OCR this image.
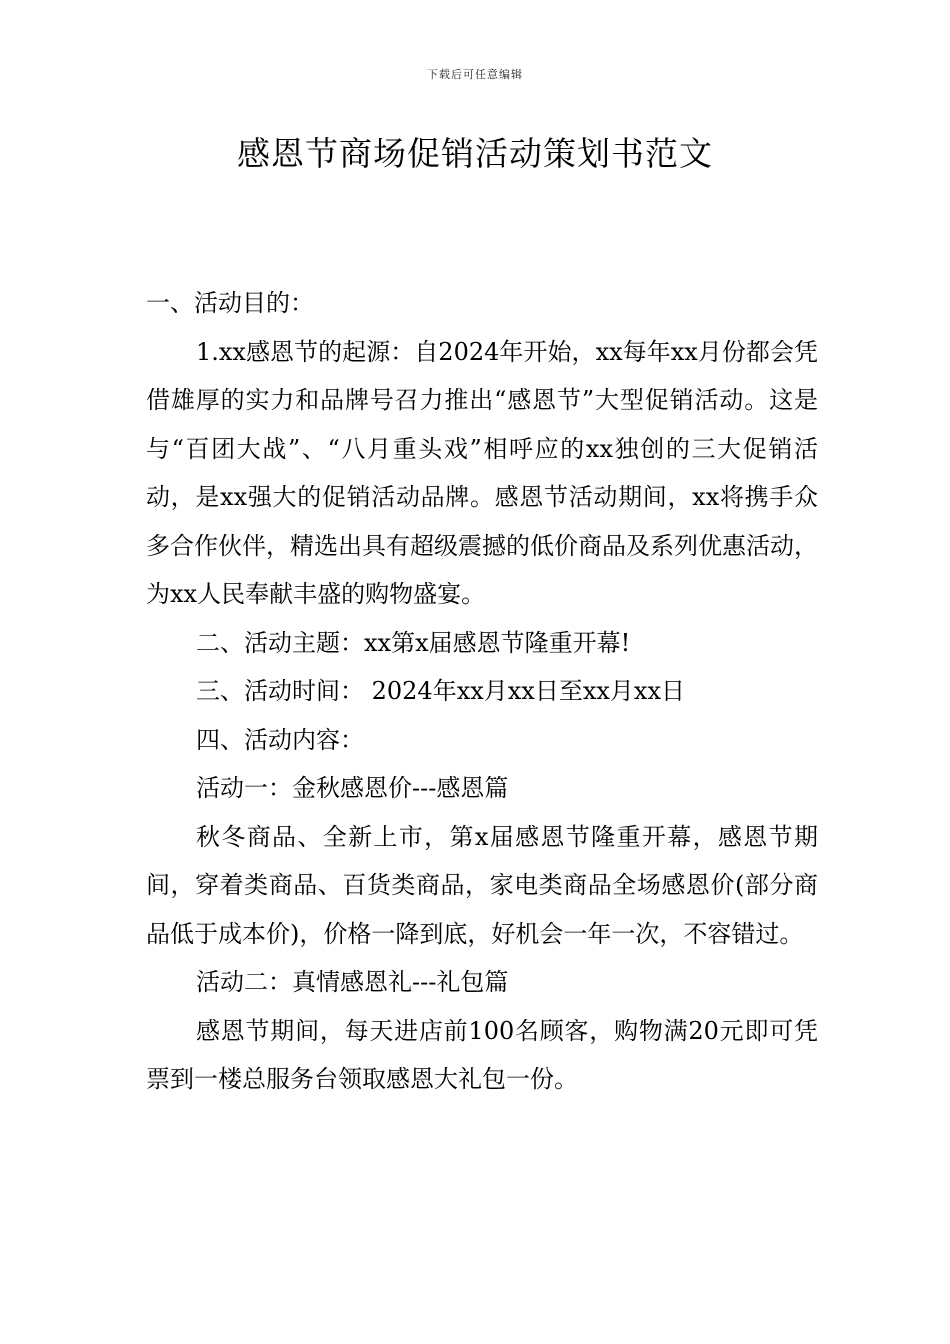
下载后可任意编辑
感恩节商场促销活动策划书范文

一、活动目的：

1.xx感恩节的起源：自2024年开始，xx每年xx月份都会凭借雄厚的实力和品牌号召力推出“感恩节”大型促销活动。这是与“百团大战”、“八月重头戏”相呼应的xx独创的三大促销活动，是xx强大的促销活动品牌。感恩节活动期间，xx将携手众多合作伙伴，精选出具有超级震撼的低价商品及系列优惠活动，为xx人民奉献丰盛的购物盛宴。

二、活动主题：xx第x届感恩节隆重开幕!

三、活动时间： 2024年xx月xx日至xx月xx日

四、活动内容：

活动一：金秋感恩价---感恩篇

秋冬商品、全新上市，第x届感恩节隆重开幕，感恩节期间，穿着类商品、百货类商品，家电类商品全场感恩价(部分商品低于成本价)，价格一降到底，好机会一年一次，不容错过。

活动二：真情感恩礼---礼包篇

感恩节期间，每天进店前100名顾客，购物满20元即可凭票到一楼总服务台领取感恩大礼包一份。
